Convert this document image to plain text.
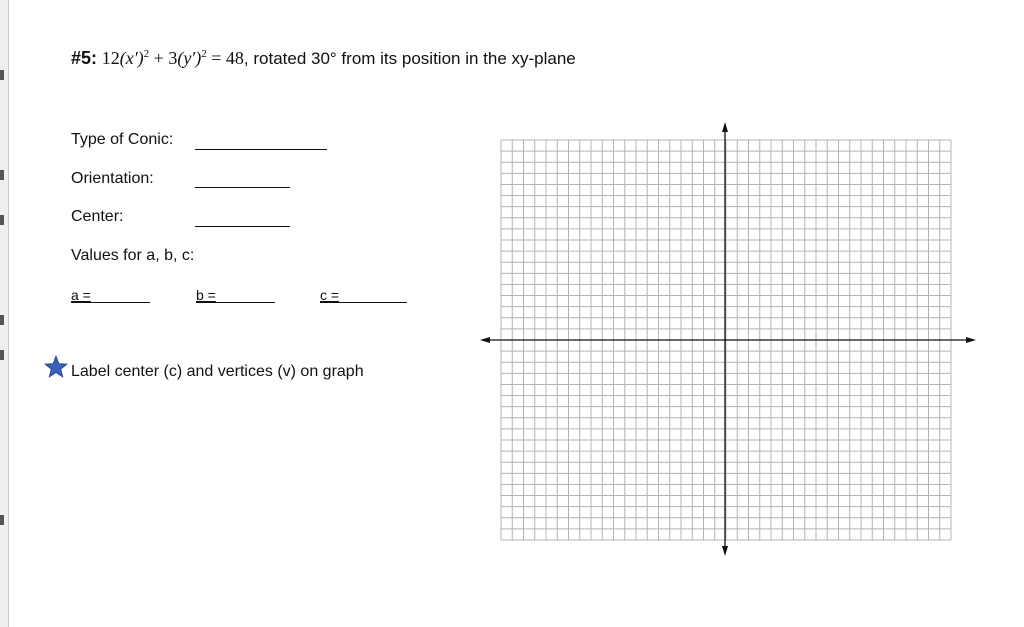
#5: $12(x')^2 + 3(y')^2 = 48$, rotated 30° from its position in the xy-plane
Type of Conic:
Orientation:
Center:
Values for a, b, c:
a =	b =	c =
Label center (c) and vertices (v) on graph
